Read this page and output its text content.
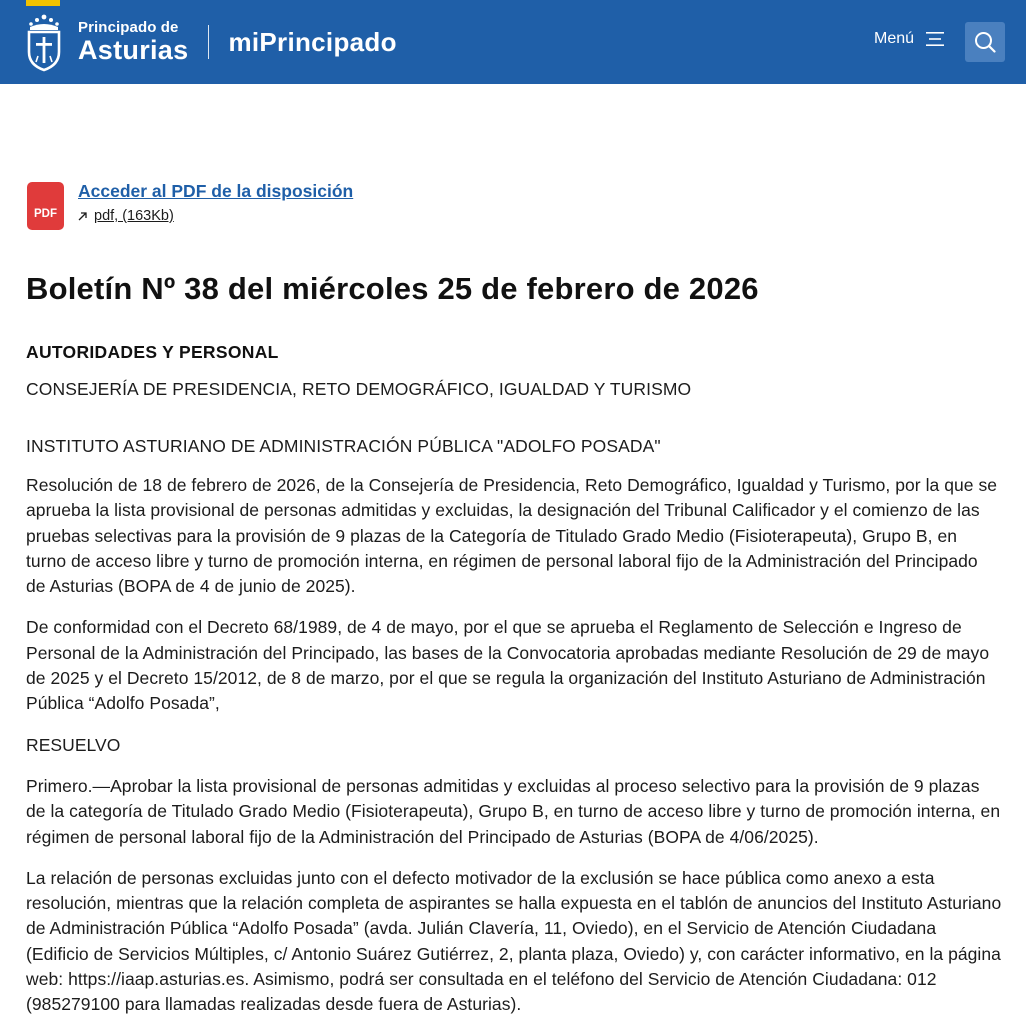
Principado de
Asturias miPrincipado	Menú
PDF
Acceder al PDF de la disposición
pdf, (163Kb)
Boletín Nº 38 del miércoles 25 de febrero de 2026
AUTORIDADES Y PERSONAL

CONSEJERÍA DE PRESIDENCIA, RETO DEMOGRÁFICO, IGUALDAD Y TURISMO

INSTITUTO ASTURIANO DE ADMINISTRACIÓN PÚBLICA "ADOLFO POSADA"

Resolución de 18 de febrero de 2026, de la Consejería de Presidencia, Reto Demográfico, Igualdad y Turismo, por la que se aprueba la lista provisional de personas admitidas y excluidas, la designación del Tribunal Calificador y el comienzo de las pruebas selectivas para la provisión de 9 plazas de la Categoría de Titulado Grado Medio (Fisioterapeuta), Grupo B, en turno de acceso libre y turno de promoción interna, en régimen de personal laboral fijo de la Administración del Principado de Asturias (BOPA de 4 de junio de 2025).

De conformidad con el Decreto 68/1989, de 4 de mayo, por el que se aprueba el Reglamento de Selección e Ingreso de Personal de la Administración del Principado, las bases de la Convocatoria aprobadas mediante Resolución de 29 de mayo de 2025 y el Decreto 15/2012, de 8 de marzo, por el que se regula la organización del Instituto Asturiano de Administración Pública “Adolfo Posada”,

RESUELVO

Primero.—Aprobar la lista provisional de personas admitidas y excluidas al proceso selectivo para la provisión de 9 plazas de la categoría de Titulado Grado Medio (Fisioterapeuta), Grupo B, en turno de acceso libre y turno de promoción interna, en régimen de personal laboral fijo de la Administración del Principado de Asturias (BOPA de 4/06/2025).

La relación de personas excluidas junto con el defecto motivador de la exclusión se hace pública como anexo a esta resolución, mientras que la relación completa de aspirantes se halla expuesta en el tablón de anuncios del Instituto Asturiano de Administración Pública “Adolfo Posada” (avda. Julián Clavería, 11, Oviedo), en el Servicio de Atención Ciudadana (Edificio de Servicios Múltiples, c/ Antonio Suárez Gutiérrez, 2, planta plaza, Oviedo) y, con carácter informativo, en la página web: https://iaap.asturias.es. Asimismo, podrá ser consultada en el teléfono del Servicio de Atención Ciudadana: 012 (985279100 para llamadas realizadas desde fuera de Asturias).
